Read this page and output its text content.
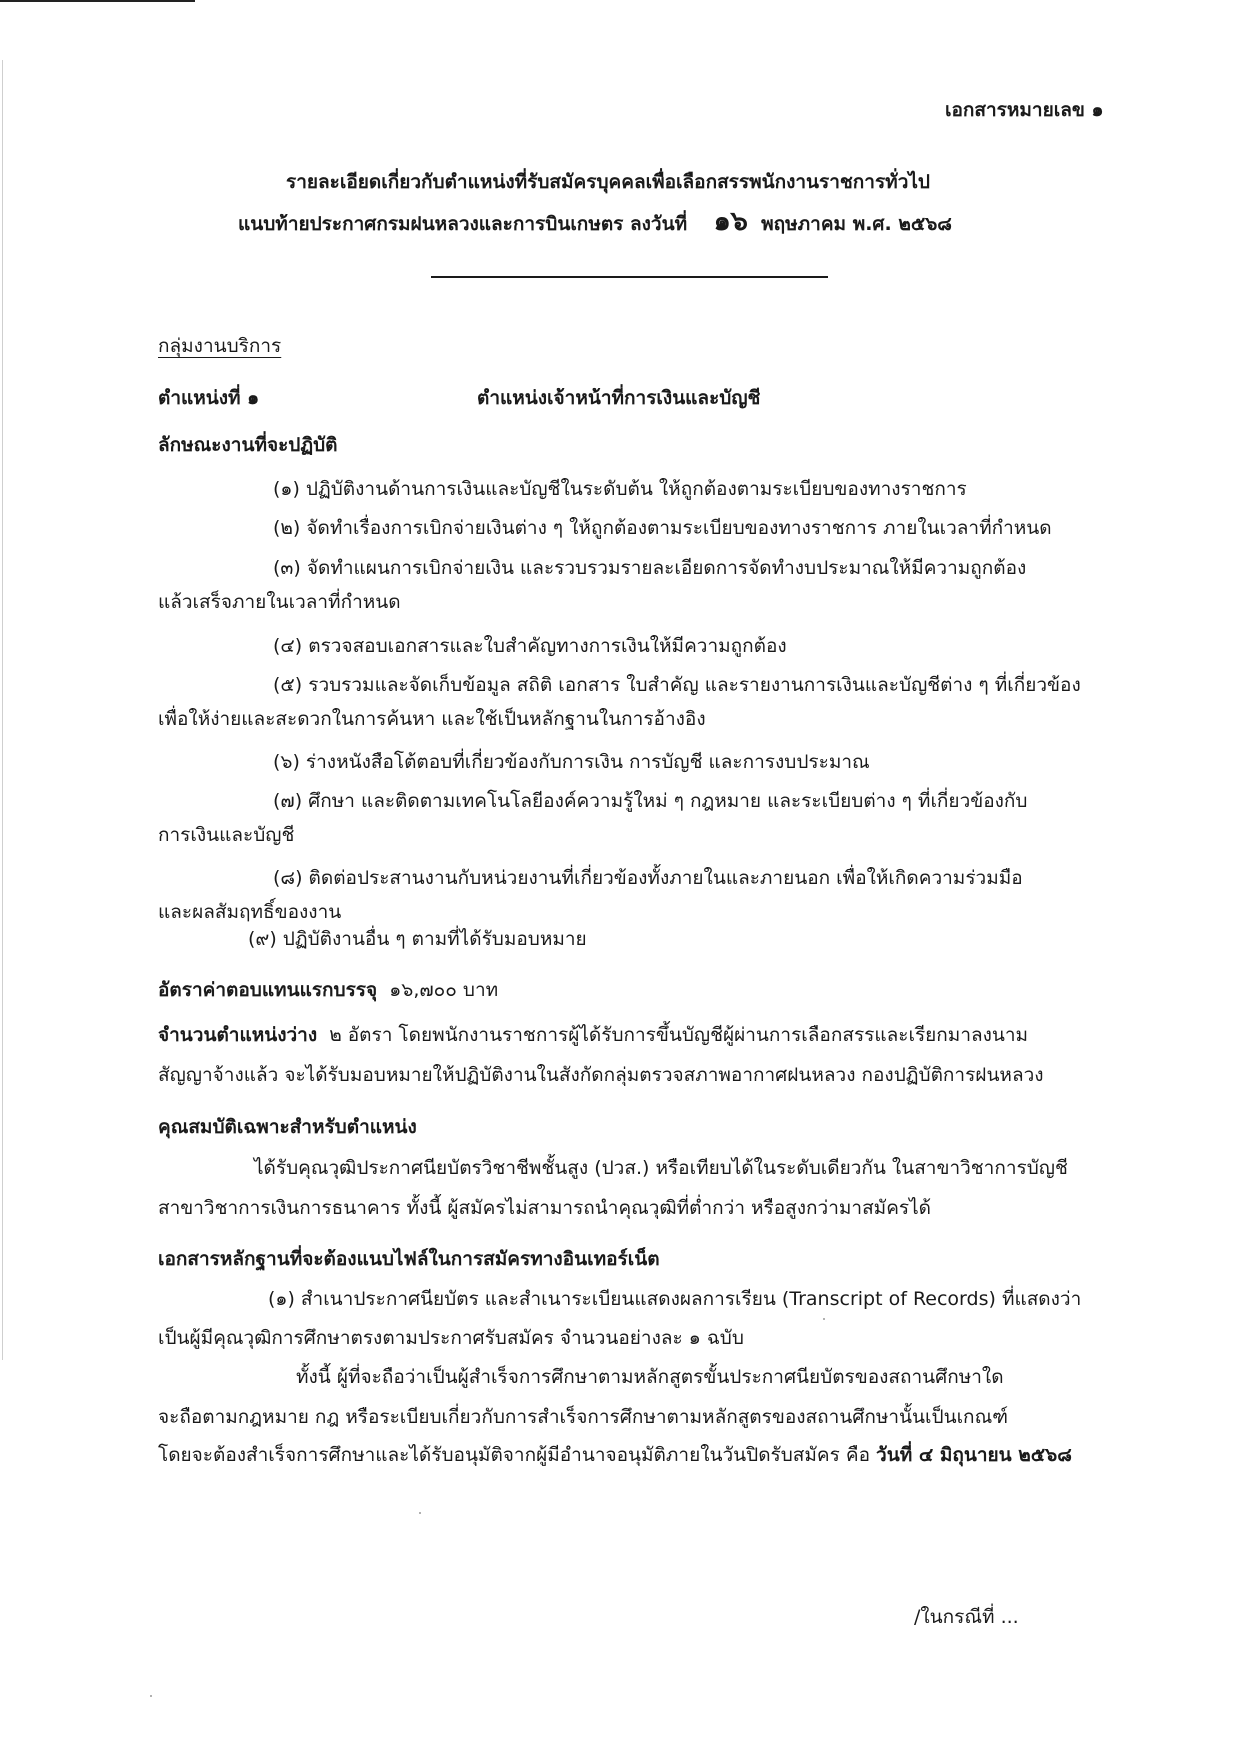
เอกสารหมายเลข ๑
รายละเอียดเกี่ยวกับตำแหน่งที่รับสมัครบุคคลเพื่อเลือกสรรพนักงานราชการทั่วไป
แนบท้ายประกาศกรมฝนหลวงและการบินเกษตร ลงวันที่ ๑๖ พฤษภาคม พ.ศ. ๒๕๖๘
กลุ่มงานบริการ
ตำแหน่งที่ ๑	ตำแหน่งเจ้าหน้าที่การเงินและบัญชี
ลักษณะงานที่จะปฏิบัติ
(๑) ปฏิบัติงานด้านการเงินและบัญชีในระดับต้น ให้ถูกต้องตามระเบียบของทางราชการ
(๒) จัดทำเรื่องการเบิกจ่ายเงินต่าง ๆ ให้ถูกต้องตามระเบียบของทางราชการ ภายในเวลาที่กำหนด
(๓) จัดทำแผนการเบิกจ่ายเงิน และรวบรวมรายละเอียดการจัดทำงบประมาณให้มีความถูกต้อง
แล้วเสร็จภายในเวลาที่กำหนด
(๔) ตรวจสอบเอกสารและใบสำคัญทางการเงินให้มีความถูกต้อง
(๕) รวบรวมและจัดเก็บข้อมูล สถิติ เอกสาร ใบสำคัญ และรายงานการเงินและบัญชีต่าง ๆ ที่เกี่ยวข้อง
เพื่อให้ง่ายและสะดวกในการค้นหา และใช้เป็นหลักฐานในการอ้างอิง
(๖) ร่างหนังสือโต้ตอบที่เกี่ยวข้องกับการเงิน การบัญชี และการงบประมาณ
(๗) ศึกษา และติดตามเทคโนโลยีองค์ความรู้ใหม่ ๆ กฎหมาย และระเบียบต่าง ๆ ที่เกี่ยวข้องกับ
การเงินและบัญชี
(๘) ติดต่อประสานงานกับหน่วยงานที่เกี่ยวข้องทั้งภายในและภายนอก เพื่อให้เกิดความร่วมมือ
และผลสัมฤทธิ์ของงาน
(๙) ปฏิบัติงานอื่น ๆ ตามที่ได้รับมอบหมาย
อัตราค่าตอบแทนแรกบรรจุ ๑๖,๗๐๐ บาท
จำนวนตำแหน่งว่าง ๒ อัตรา โดยพนักงานราชการผู้ได้รับการขึ้นบัญชีผู้ผ่านการเลือกสรรและเรียกมาลงนาม
สัญญาจ้างแล้ว จะได้รับมอบหมายให้ปฏิบัติงานในสังกัดกลุ่มตรวจสภาพอากาศฝนหลวง กองปฏิบัติการฝนหลวง
คุณสมบัติเฉพาะสำหรับตำแหน่ง
ได้รับคุณวุฒิประกาศนียบัตรวิชาชีพชั้นสูง (ปวส.) หรือเทียบได้ในระดับเดียวกัน ในสาขาวิชาการบัญชี
สาขาวิชาการเงินการธนาคาร ทั้งนี้ ผู้สมัครไม่สามารถนำคุณวุฒิที่ต่ำกว่า หรือสูงกว่ามาสมัครได้
เอกสารหลักฐานที่จะต้องแนบไฟล์ในการสมัครทางอินเทอร์เน็ต
(๑) สำเนาประกาศนียบัตร และสำเนาระเบียนแสดงผลการเรียน (Transcript of Records) ที่แสดงว่า
เป็นผู้มีคุณวุฒิการศึกษาตรงตามประกาศรับสมัคร จำนวนอย่างละ ๑ ฉบับ
ทั้งนี้ ผู้ที่จะถือว่าเป็นผู้สำเร็จการศึกษาตามหลักสูตรขั้นประกาศนียบัตรของสถานศึกษาใด
จะถือตามกฎหมาย กฎ หรือระเบียบเกี่ยวกับการสำเร็จการศึกษาตามหลักสูตรของสถานศึกษานั้นเป็นเกณฑ์
โดยจะต้องสำเร็จการศึกษาและได้รับอนุมัติจากผู้มีอำนาจอนุมัติภายในวันปิดรับสมัคร คือ วันที่ ๔ มิถุนายน ๒๕๖๘
/ในกรณีที่ ...
